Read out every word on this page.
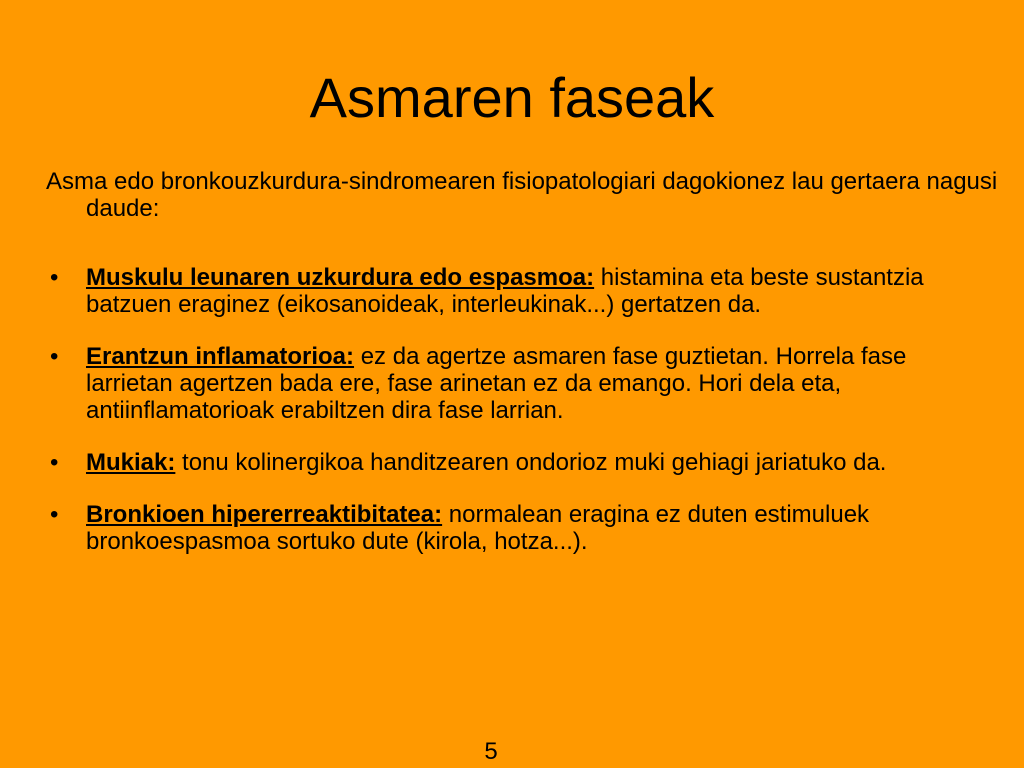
Asmaren faseak

Asma edo bronkouzkurdura-sindromearen fisiopatologiari dagokionez lau gertaera nagusi daude:

• Muskulu leunaren uzkurdura edo espasmoa: histamina eta beste sustantzia batzuen eraginez (eikosanoideak, interleukinak...) gertatzen da.
• Erantzun inflamatorioa: ez da agertze asmaren fase guztietan. Horrela fase larrietan agertzen bada ere, fase arinetan ez da emango. Hori dela eta, antiinflamatorioak erabiltzen dira fase larrian.
• Mukiak: tonu kolinergikoa handitzearen ondorioz muki gehiagi jariatuko da.
• Bronkioen hipererreaktibitatea: normalean eragina ez duten estimuluek bronkoespasmoa sortuko dute (kirola, hotza...).
5
